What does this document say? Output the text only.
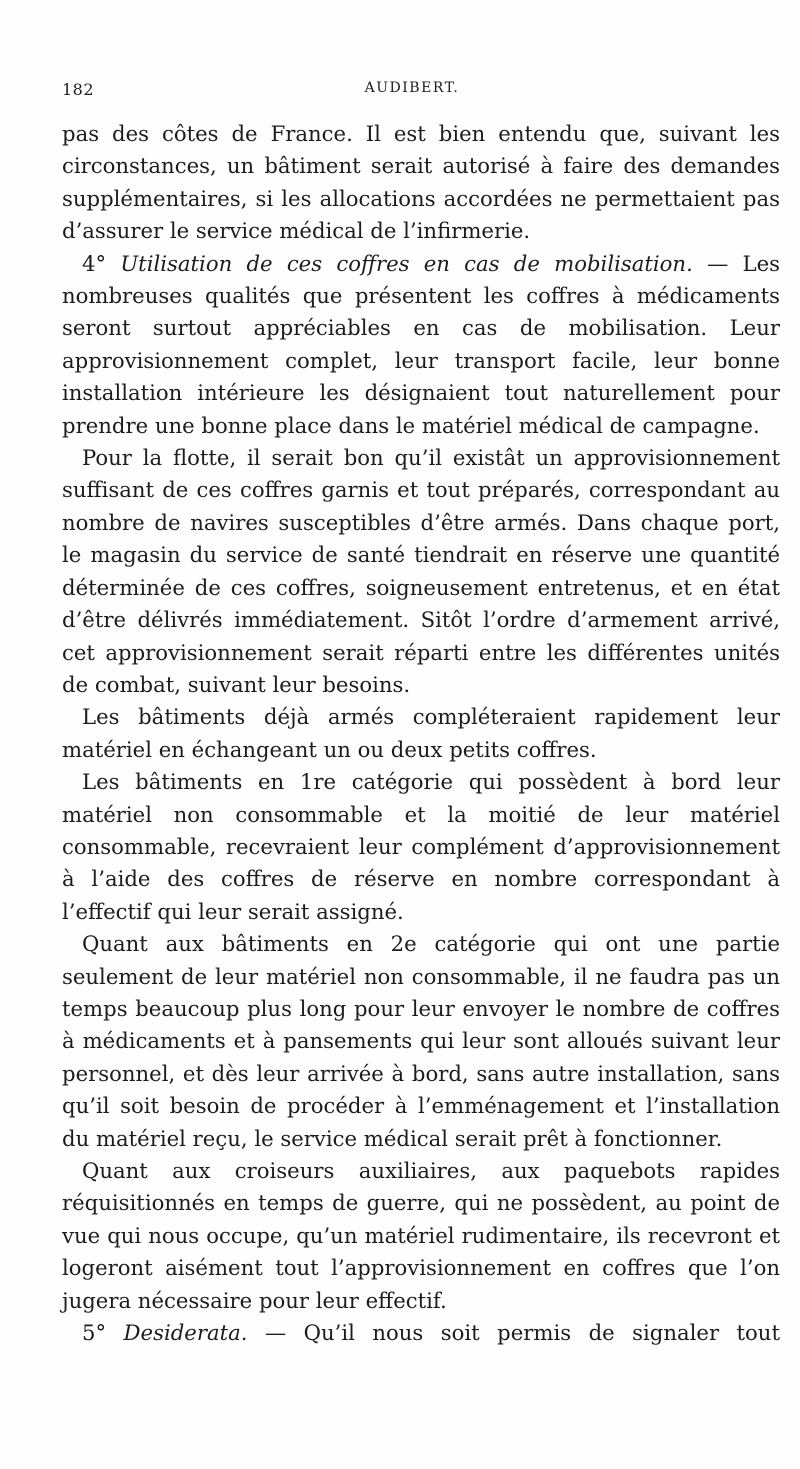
182	AUDIBERT.

pas des côtes de France. Il est bien entendu que, suivant les circonstances, un bâtiment serait autorisé à faire des demandes supplémentaires, si les allocations accordées ne permettaient pas d’assurer le service médical de l’infirmerie.

4° Utilisation de ces coffres en cas de mobilisation. — Les nombreuses qualités que présentent les coffres à médicaments seront surtout appréciables en cas de mobilisation. Leur approvisionnement complet, leur transport facile, leur bonne installation intérieure les désignaient tout naturellement pour prendre une bonne place dans le matériel médical de campagne.

Pour la flotte, il serait bon qu’il existât un approvisionnement suffisant de ces coffres garnis et tout préparés, correspondant au nombre de navires susceptibles d’être armés. Dans chaque port, le magasin du service de santé tiendrait en réserve une quantité déterminée de ces coffres, soigneusement entretenus, et en état d’être délivrés immédiatement. Sitôt l’ordre d’armement arrivé, cet approvisionnement serait réparti entre les différentes unités de combat, suivant leur besoins.

Les bâtiments déjà armés compléteraient rapidement leur matériel en échangeant un ou deux petits coffres.

Les bâtiments en 1re catégorie qui possèdent à bord leur matériel non consommable et la moitié de leur matériel consommable, recevraient leur complément d’approvisionnement à l’aide des coffres de réserve en nombre correspondant à l’effectif qui leur serait assigné.

Quant aux bâtiments en 2e catégorie qui ont une partie seulement de leur matériel non consommable, il ne faudra pas un temps beaucoup plus long pour leur envoyer le nombre de coffres à médicaments et à pansements qui leur sont alloués suivant leur personnel, et dès leur arrivée à bord, sans autre installation, sans qu’il soit besoin de procéder à l’emménagement et l’installation du matériel reçu, le service médical serait prêt à fonctionner.

Quant aux croiseurs auxiliaires, aux paquebots rapides réquisitionnés en temps de guerre, qui ne possèdent, au point de vue qui nous occupe, qu’un matériel rudimentaire, ils recevront et logeront aisément tout l’approvisionnement en coffres que l’on jugera nécessaire pour leur effectif.

5° Desiderata. — Qu’il nous soit permis de signaler tout
